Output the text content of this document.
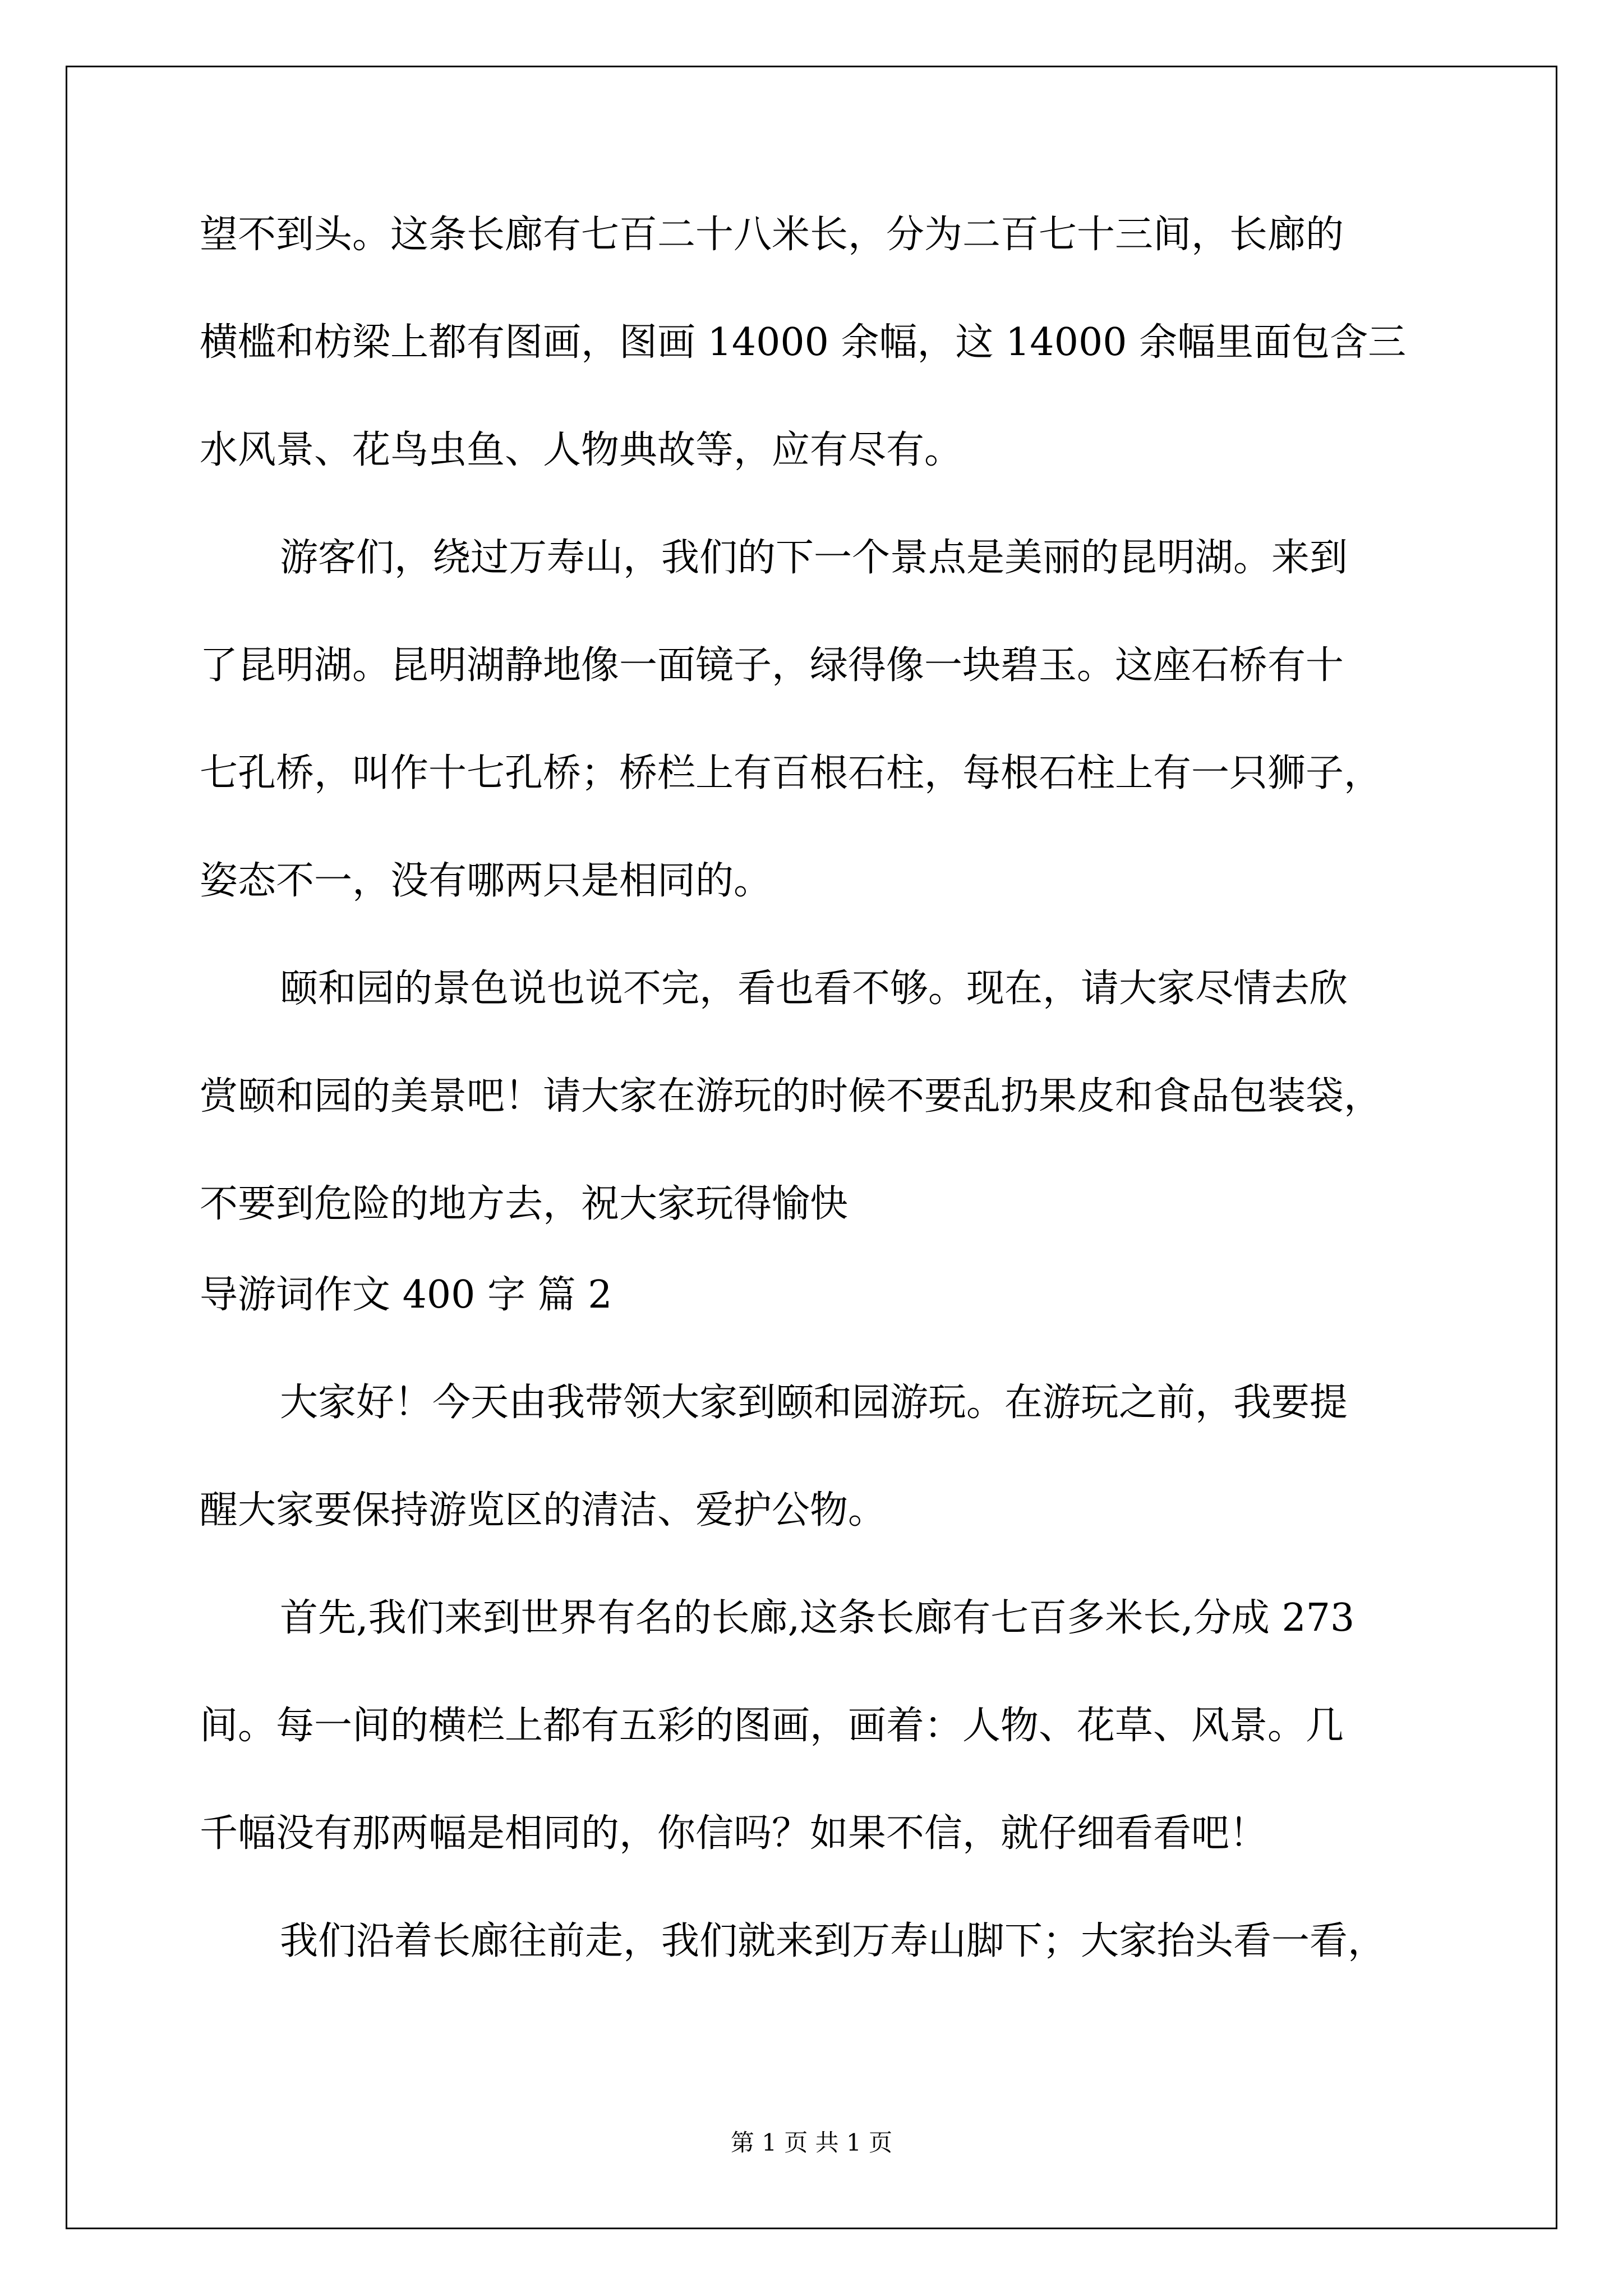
望不到头。这条长廊有七百二十八米长，分为二百七十三间，长廊的
横槛和枋梁上都有图画，图画 14000 余幅，这 14000 余幅里面包含三
水风景、花鸟虫鱼、人物典故等，应有尽有。
游客们，绕过万寿山，我们的下一个景点是美丽的昆明湖。来到
了昆明湖。昆明湖静地像一面镜子，绿得像一块碧玉。这座石桥有十
七孔桥，叫作十七孔桥；桥栏上有百根石柱，每根石柱上有一只狮子，
姿态不一，没有哪两只是相同的。
颐和园的景色说也说不完，看也看不够。现在，请大家尽情去欣
赏颐和园的美景吧！请大家在游玩的时候不要乱扔果皮和食品包装袋，
不要到危险的地方去，祝大家玩得愉快
导游词作文 400 字 篇 2
大家好！今天由我带领大家到颐和园游玩。在游玩之前，我要提
醒大家要保持游览区的清洁、爱护公物。
首先,我们来到世界有名的长廊,这条长廊有七百多米长,分成 273
间。每一间的横栏上都有五彩的图画，画着：人物、花草、风景。几
千幅没有那两幅是相同的，你信吗？如果不信，就仔细看看吧！
我们沿着长廊往前走，我们就来到万寿山脚下；大家抬头看一看，
第 1 页 共 1 页
